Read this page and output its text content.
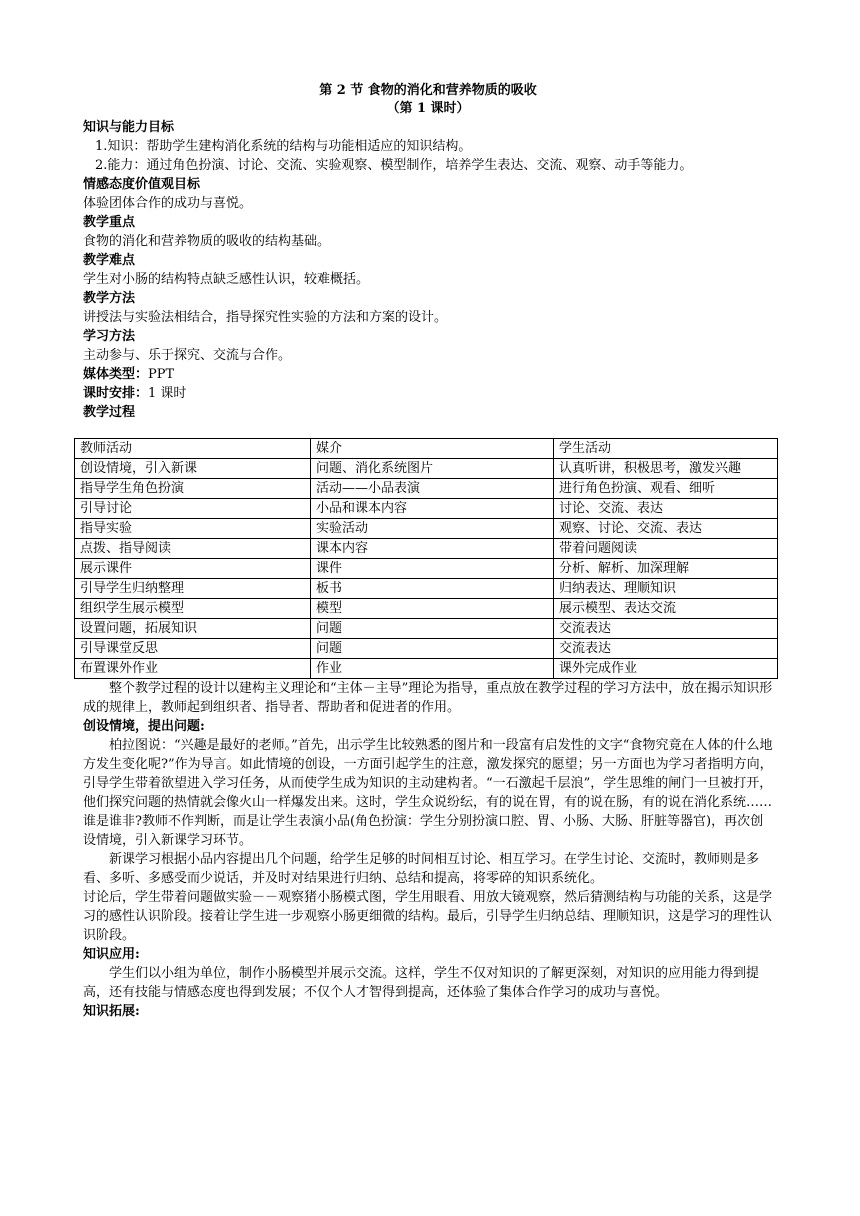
第 2 节 食物的消化和营养物质的吸收
（第 1 课时）
知识与能力目标
1.知识：帮助学生建构消化系统的结构与功能相适应的知识结构。
2.能力：通过角色扮演、讨论、交流、实验观察、模型制作，培养学生表达、交流、观察、动手等能力。
情感态度价值观目标
体验团体合作的成功与喜悦。
教学重点
食物的消化和营养物质的吸收的结构基础。
教学难点
学生对小肠的结构特点缺乏感性认识，较难概括。
教学方法
讲授法与实验法相结合，指导探究性实验的方法和方案的设计。
学习方法
主动参与、乐于探究、交流与合作。
媒体类型：PPT
课时安排：1 课时
教学过程
教师活动	媒介	学生活动
创设情境，引入新课	问题、消化系统图片	认真听讲，积极思考，激发兴趣
指导学生角色扮演	活动——小品表演	进行角色扮演、观看、细听
引导讨论	小品和课本内容	讨论、交流、表达
指导实验	实验活动	观察、讨论、交流、表达
点拨、指导阅读	课本内容	带着问题阅读
展示课件	课件	分析、解析、加深理解
引导学生归纳整理	板书	归纳表达、理顺知识
组织学生展示模型	模型	展示模型、表达交流
设置问题，拓展知识	问题	交流表达
引导课堂反思	问题	交流表达
布置课外作业	作业	课外完成作业
整个教学过程的设计以建构主义理论和“主体－主导”理论为指导，重点放在教学过程的学习方法中，放在揭示知识形成的规律上，教师起到组织者、指导者、帮助者和促进者的作用。
创设情境，提出问题:
柏拉图说：“兴趣是最好的老师。”首先，出示学生比较熟悉的图片和一段富有启发性的文字“食物究竟在人体的什么地方发生变化呢?”作为导言。如此情境的创设，一方面引起学生的注意，激发探究的愿望；另一方面也为学习者指明方向，引导学生带着欲望进入学习任务，从而使学生成为知识的主动建构者。“一石激起千层浪”，学生思维的闸门一旦被打开，他们探究问题的热情就会像火山一样爆发出来。这时，学生众说纷纭，有的说在胃，有的说在肠，有的说在消化系统……谁是谁非?教师不作判断，而是让学生表演小品(角色扮演：学生分别扮演口腔、胃、小肠、大肠、肝脏等器官)，再次创设情境，引入新课学习环节。
新课学习根据小品内容提出几个问题，给学生足够的时间相互讨论、相互学习。在学生讨论、交流时，教师则是多看、多听、多感受而少说话，并及时对结果进行归纳、总结和提高，将零碎的知识系统化。
讨论后，学生带着问题做实验－－观察猪小肠模式图，学生用眼看、用放大镜观察，然后猜测结构与功能的关系，这是学习的感性认识阶段。接着让学生进一步观察小肠更细微的结构。最后，引导学生归纳总结、理顺知识，这是学习的理性认识阶段。
知识应用:
学生们以小组为单位，制作小肠模型并展示交流。这样，学生不仅对知识的了解更深刻，对知识的应用能力得到提高，还有技能与情感态度也得到发展；不仅个人才智得到提高，还体验了集体合作学习的成功与喜悦。
知识拓展:
